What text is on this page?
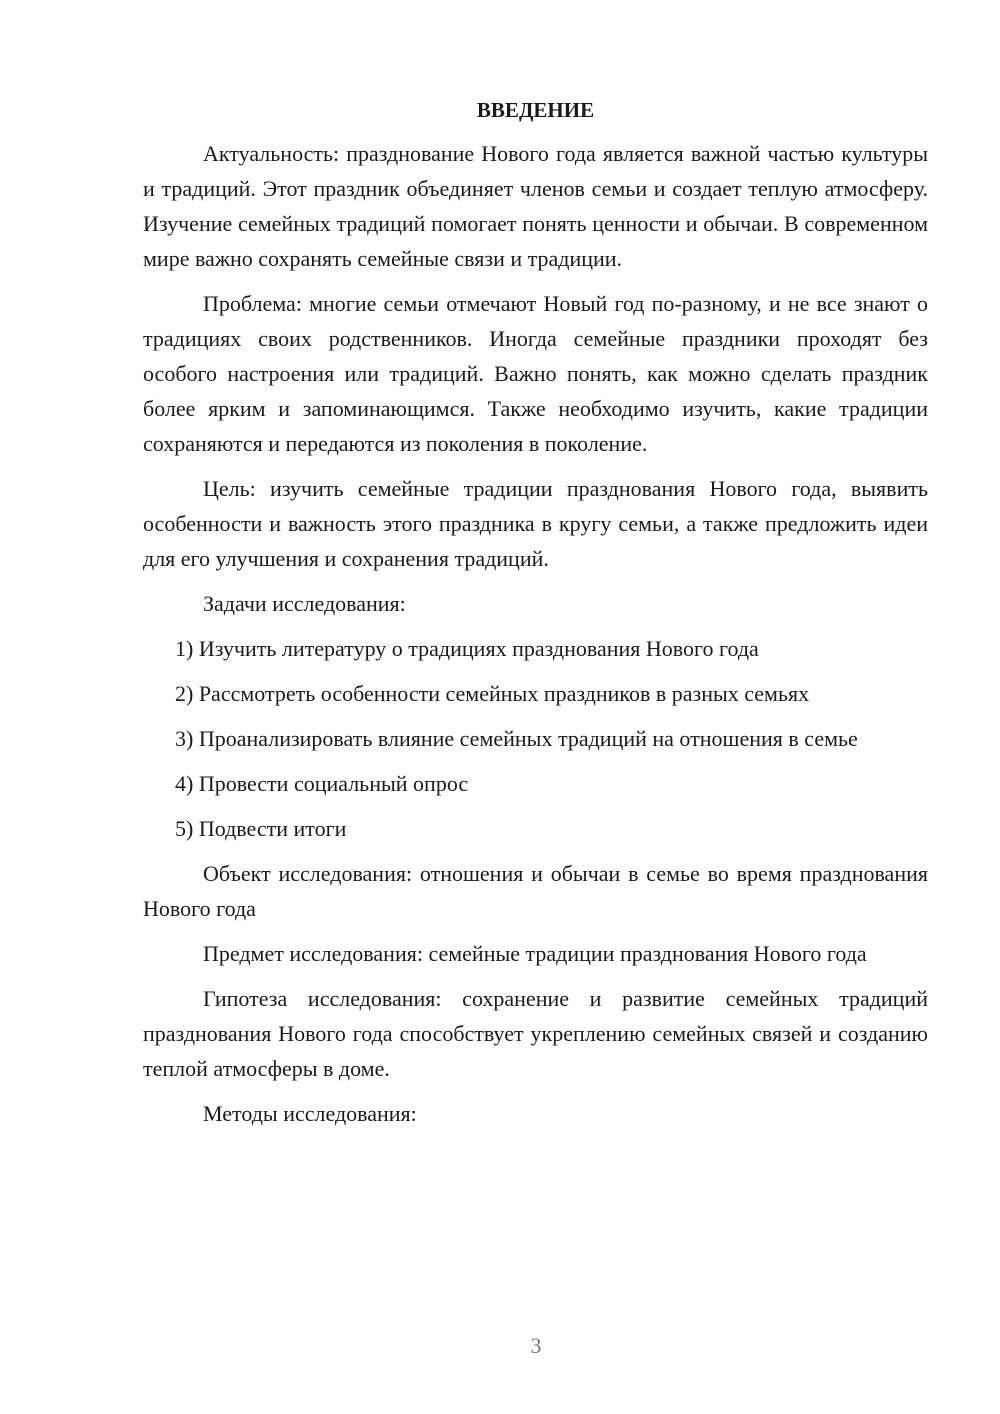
ВВЕДЕНИЕ

Актуальность: празднование Нового года является важной частью культуры и традиций. Этот праздник объединяет членов семьи и создает теплую атмосферу. Изучение семейных традиций помогает понять ценности и обычаи. В современном мире важно сохранять семейные связи и традиции.

Проблема: многие семьи отмечают Новый год по-разному, и не все знают о традициях своих родственников. Иногда семейные праздники проходят без особого настроения или традиций. Важно понять, как можно сделать праздник более ярким и запоминающимся. Также необходимо изучить, какие традиции сохраняются и передаются из поколения в поколение.

Цель: изучить семейные традиции празднования Нового года, выявить особенности и важность этого праздника в кругу семьи, а также предложить идеи для его улучшения и сохранения традиций.

Задачи исследования:

1) Изучить литературу о традициях празднования Нового года

2) Рассмотреть особенности семейных праздников в разных семьях

3) Проанализировать влияние семейных традиций на отношения в семье

4) Провести социальный опрос

5) Подвести итоги

Объект исследования: отношения и обычаи в семье во время празднования Нового года

Предмет исследования: семейные традиции празднования Нового года

Гипотеза исследования: сохранение и развитие семейных традиций празднования Нового года способствует укреплению семейных связей и созданию теплой атмосферы в доме.

Методы исследования:

3
